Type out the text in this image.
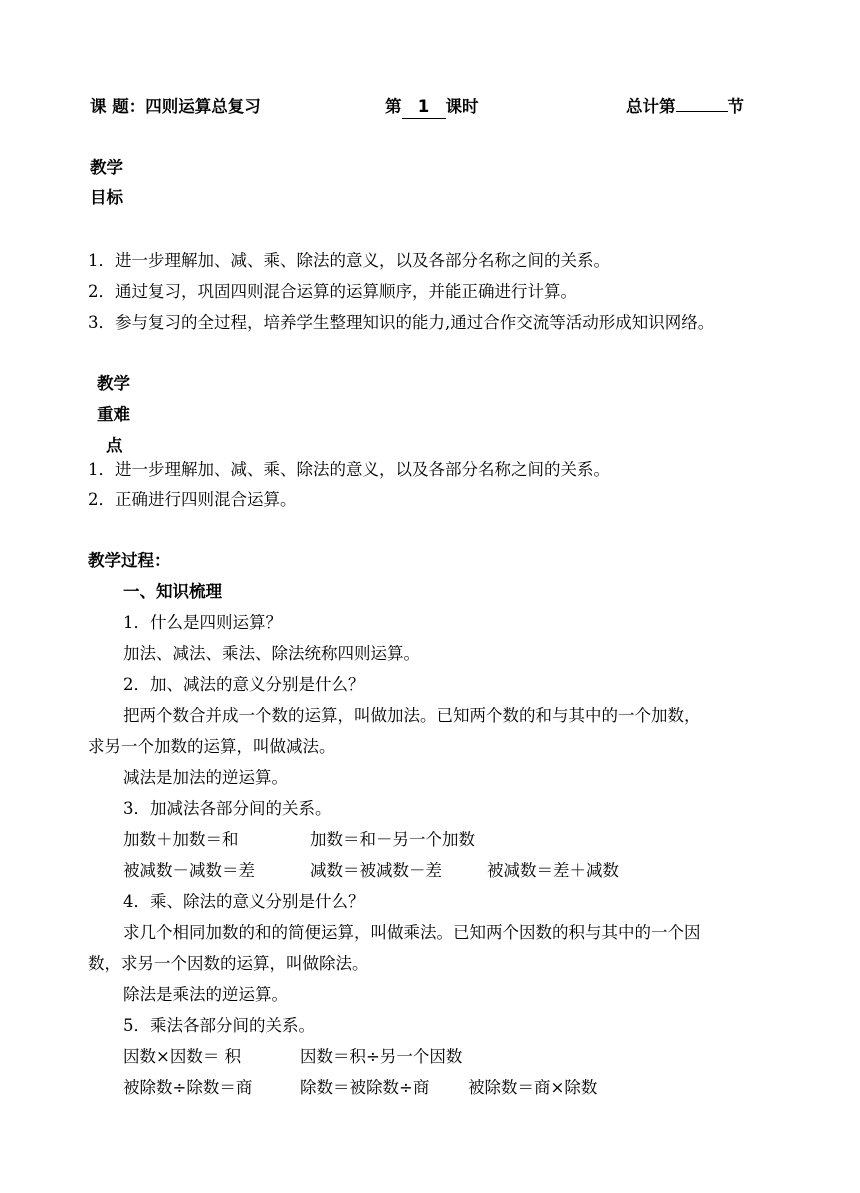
课 题：四则运算总复习	第 1 课时	总计第	节
教学
目标
1．进一步理解加、减、乘、除法的意义，以及各部分名称之间的关系。
2．通过复习，巩固四则混合运算的运算顺序，并能正确进行计算。
3．参与复习的全过程，培养学生整理知识的能力,通过合作交流等活动形成知识网络。
教学
重难
点
1．进一步理解加、减、乘、除法的意义，以及各部分名称之间的关系。
2．正确进行四则混合运算。
教学过程：
一、知识梳理
1．什么是四则运算？
加法、减法、乘法、除法统称四则运算。
2．加、减法的意义分别是什么？
把两个数合并成一个数的运算，叫做加法。已知两个数的和与其中的一个加数，
求另一个加数的运算，叫做减法。
减法是加法的逆运算。
3．加减法各部分间的关系。
加数＋加数＝和	加数＝和－另一个加数
被减数－减数＝差	减数＝被减数－差	被减数＝差＋减数
4．乘、除法的意义分别是什么？
求几个相同加数的和的简便运算，叫做乘法。已知两个因数的积与其中的一个因
数，求另一个因数的运算，叫做除法。
除法是乘法的逆运算。
5．乘法各部分间的关系。
因数×因数＝ 积	因数＝积÷另一个因数
被除数÷除数＝商	除数＝被除数÷商 被除数＝商×除数
